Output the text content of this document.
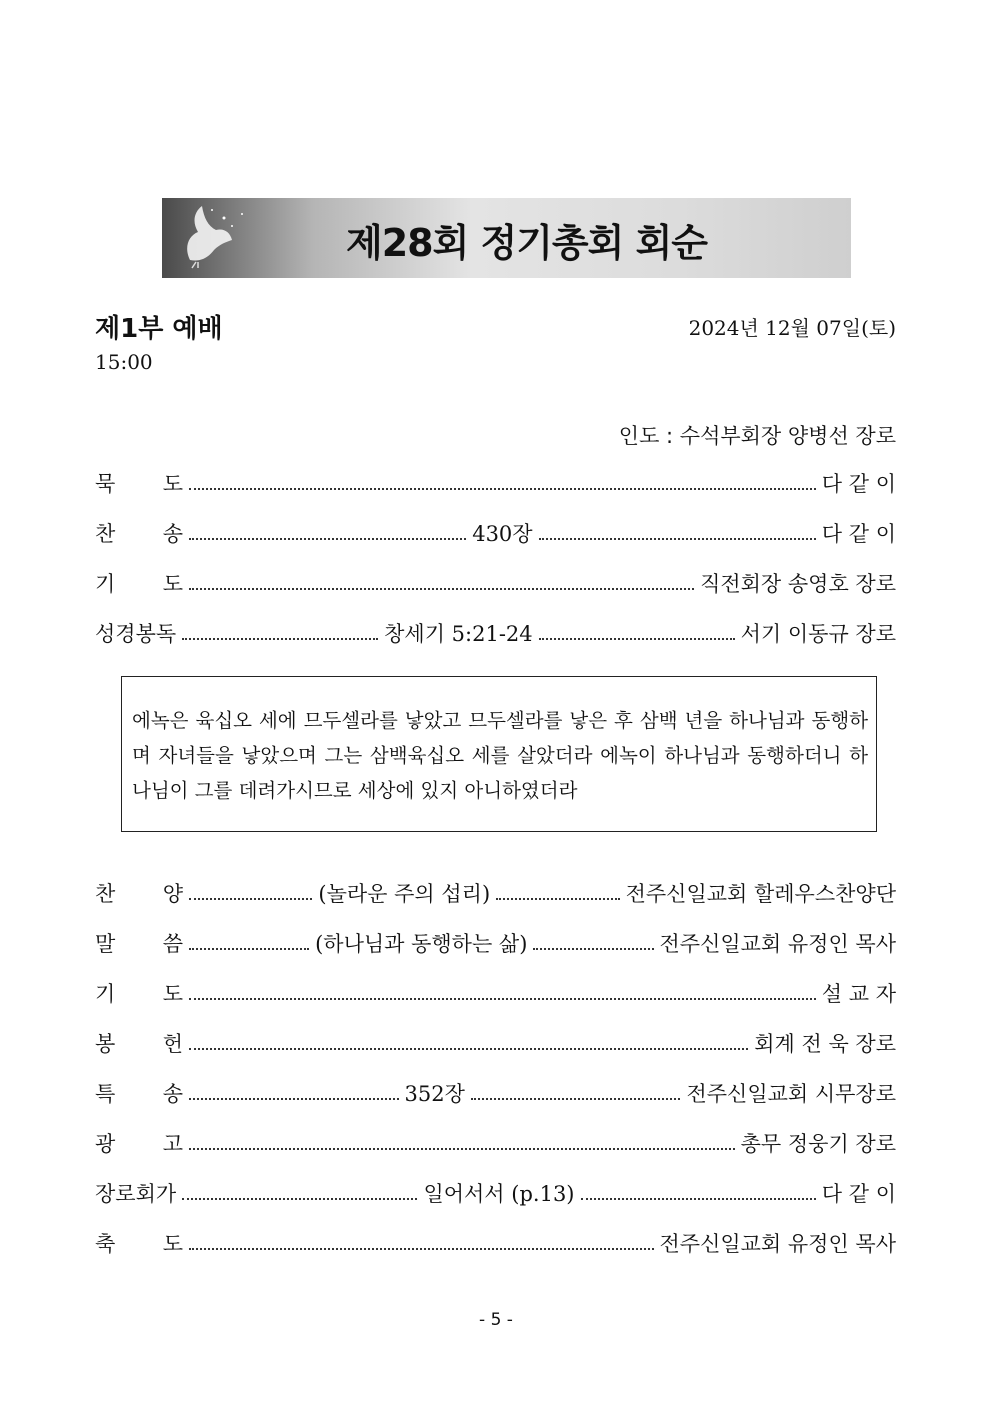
제28회 정기총회 회순
제1부 예배	2024년 12월 07일(토)
15:00
인도 : 수석부회장 양병선 장로
묵 도	다 같 이
찬 송	430장	다 같 이
기 도	직전회장 송영호 장로
성경봉독	창세기 5:21-24	서기 이동규 장로
에녹은 육십오 세에 므두셀라를 낳았고 므두셀라를 낳은 후 삼백 년을 하나님과 동행하며 자녀들을 낳았으며 그는 삼백육십오 세를 살았더라 에녹이 하나님과 동행하더니 하나님이 그를 데려가시므로 세상에 있지 아니하였더라
찬 양	(놀라운 주의 섭리)	전주신일교회 할레우스찬양단
말 씀	(하나님과 동행하는 삶)	전주신일교회 유정인 목사
기 도	설 교 자
봉 헌	회계 전 욱 장로
특 송	352장	전주신일교회 시무장로
광 고	총무 정웅기 장로
장로회가	일어서서 (p.13)	다 같 이
축 도	전주신일교회 유정인 목사
- 5 -
